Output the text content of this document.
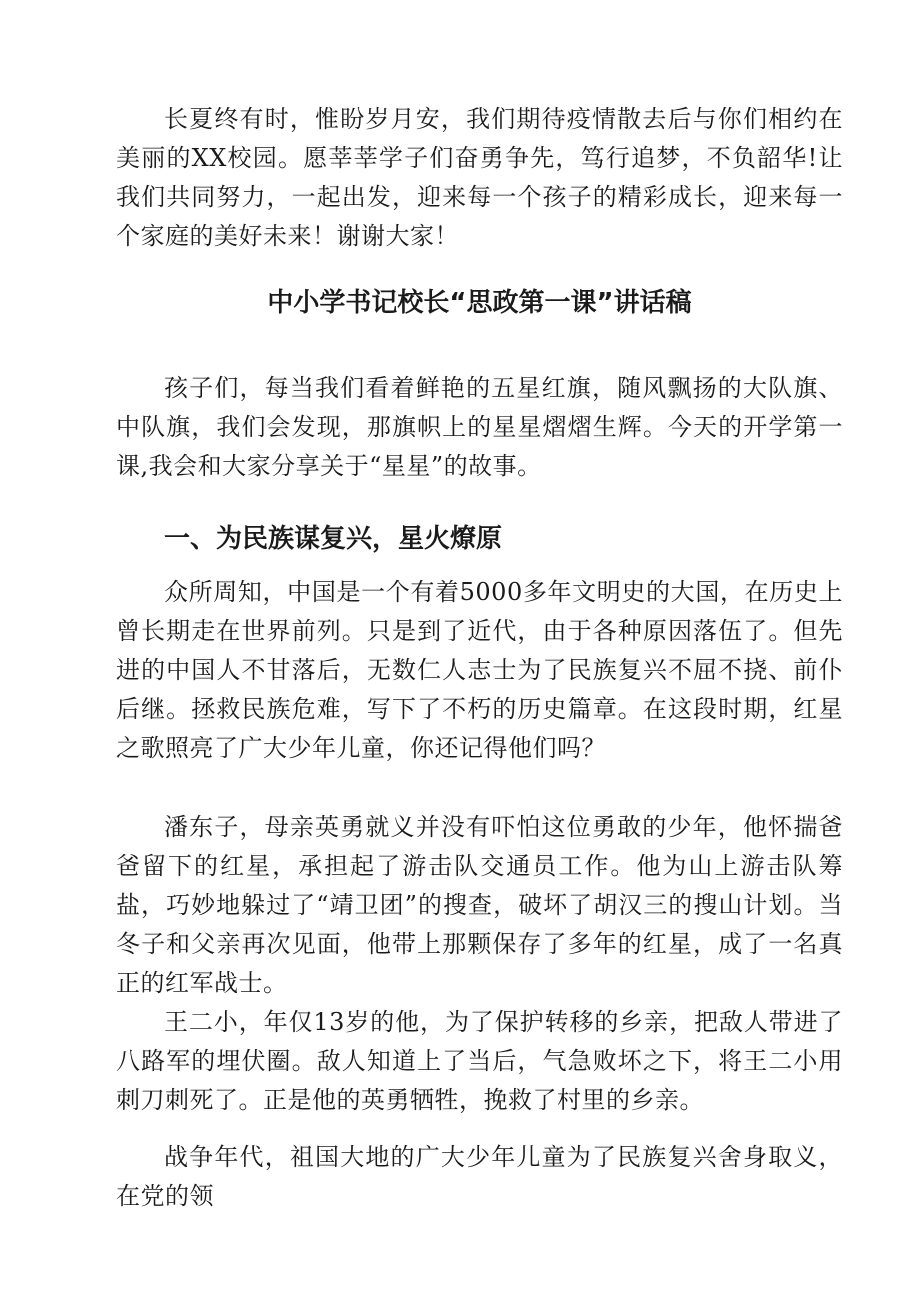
长夏终有时，惟盼岁月安，我们期待疫情散去后与你们相约在美丽的XX校园。愿莘莘学子们奋勇争先，笃行追梦，不负韶华!让我们共同努力，一起出发，迎来每一个孩子的精彩成长，迎来每一个家庭的美好未来！谢谢大家！

中小学书记校长“思政第一课”讲话稿

孩子们，每当我们看着鲜艳的五星红旗，随风飘扬的大队旗、中队旗，我们会发现，那旗帜上的星星熠熠生辉。今天的开学第一课,我会和大家分享关于“星星”的故事。

一、为民族谋复兴，星火燎原

众所周知，中国是一个有着5000多年文明史的大国，在历史上曾长期走在世界前列。只是到了近代，由于各种原因落伍了。但先进的中国人不甘落后，无数仁人志士为了民族复兴不屈不挠、前仆后继。拯救民族危难，写下了不朽的历史篇章。在这段时期，红星之歌照亮了广大少年儿童，你还记得他们吗？

潘东子，母亲英勇就义并没有吓怕这位勇敢的少年，他怀揣爸爸留下的红星，承担起了游击队交通员工作。他为山上游击队筹盐，巧妙地躲过了“靖卫团”的搜查，破坏了胡汉三的搜山计划。当冬子和父亲再次见面，他带上那颗保存了多年的红星，成了一名真正的红军战士。

王二小，年仅13岁的他，为了保护转移的乡亲，把敌人带进了八路军的埋伏圈。敌人知道上了当后，气急败坏之下，将王二小用刺刀刺死了。正是他的英勇牺牲，挽救了村里的乡亲。

战争年代，祖国大地的广大少年儿童为了民族复兴舍身取义，在党的领
